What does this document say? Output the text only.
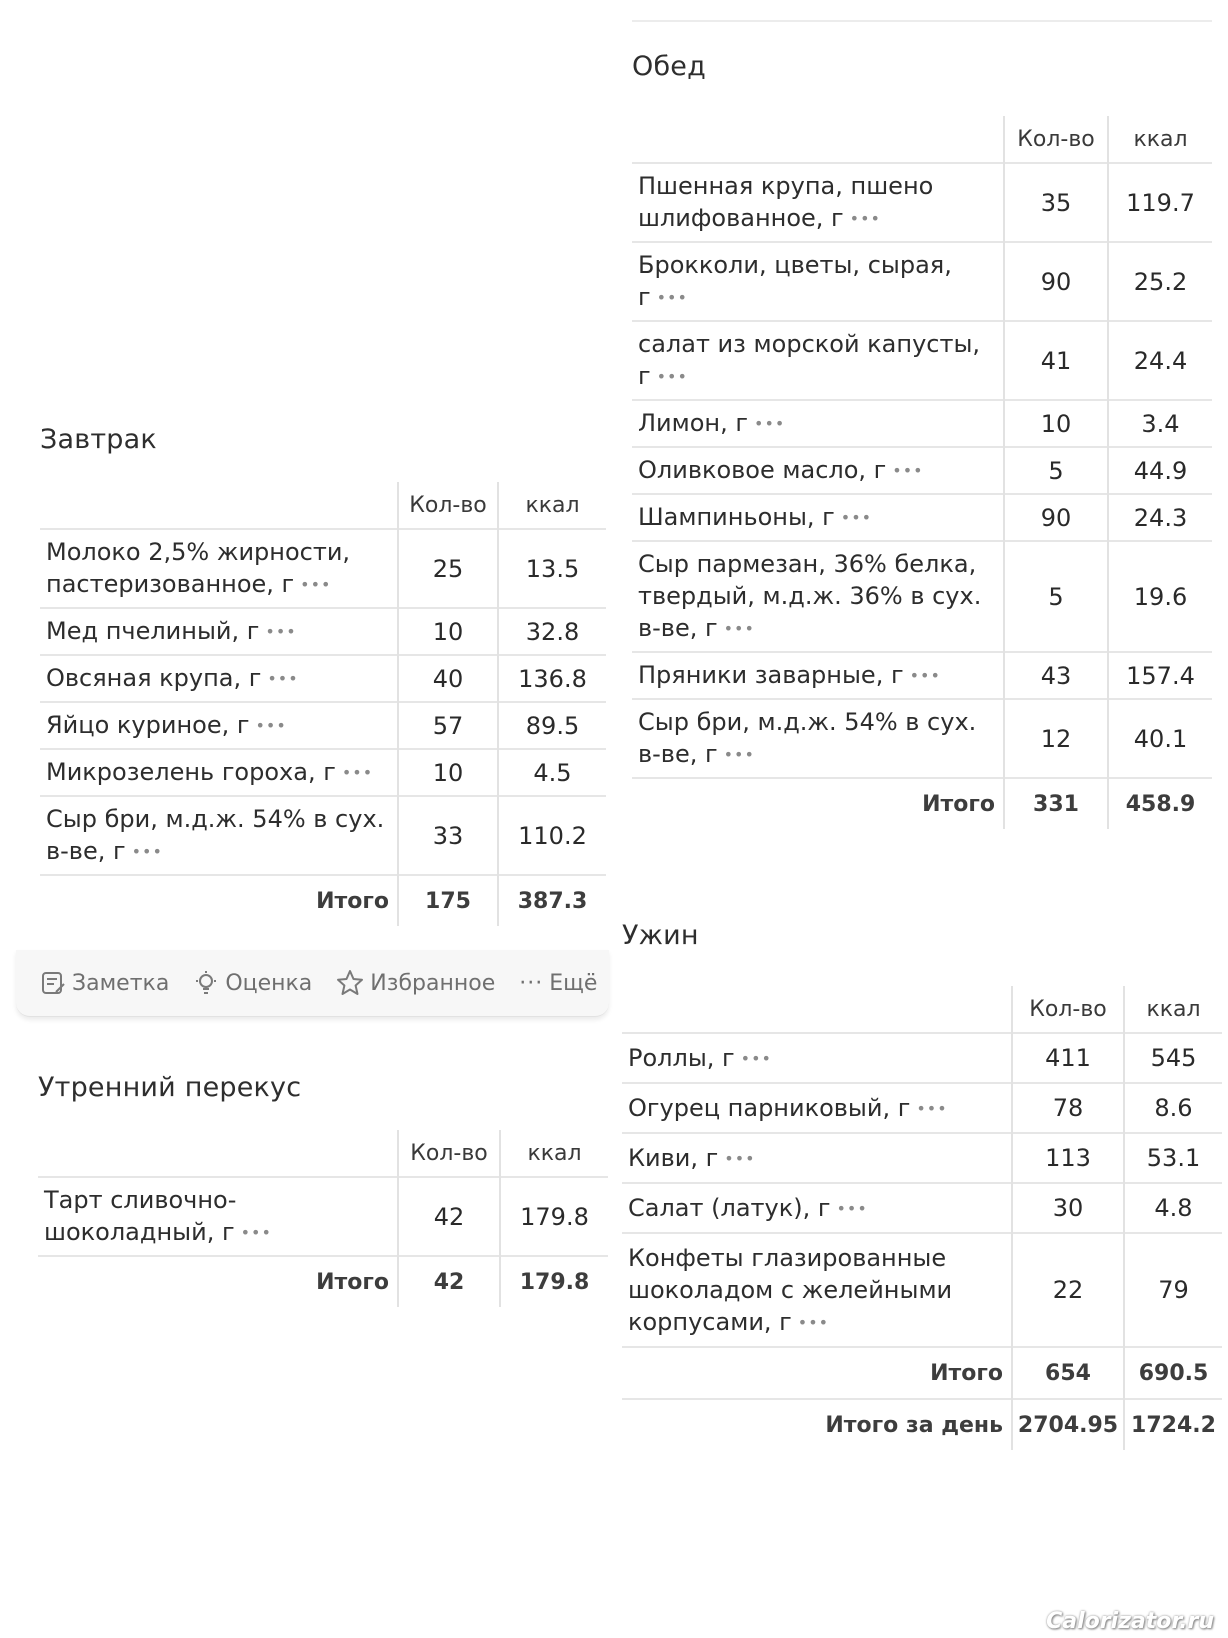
Завтрак
	Кол-во	ккал
Молоко 2,5% жирности, пастеризованное, г •••	25	13.5
Мед пчелиный, г •••	10	32.8
Овсяная крупа, г •••	40	136.8
Яйцо куриное, г •••	57	89.5
Микрозелень гороха, г •••	10	4.5
Сыр бри, м.д.ж. 54% в сух. в-ве, г •••	33	110.2
Итого	175	387.3
Заметка	Оценка	Избранное ··· Ещё
Утренний перекус
	Кол-во	ккал
Тарт сливочно-шоколадный, г •••	42	179.8
Итого	42	179.8
Обед
	Кол-во	ккал
Пшенная крупа, пшено шлифованное, г •••	35	119.7
Брокколи, цветы, сырая, г •••	90	25.2
салат из морской капусты, г •••	41	24.4
Лимон, г •••	10	3.4
Оливковое масло, г •••	5	44.9
Шампиньоны, г •••	90	24.3
Сыр пармезан, 36% белка, твердый, м.д.ж. 36% в сух. в-ве, г •••	5	19.6
Пряники заварные, г •••	43	157.4
Сыр бри, м.д.ж. 54% в сух. в-ве, г •••	12	40.1
Итого	331	458.9
Ужин
	Кол-во	ккал
Роллы, г •••	411	545
Огурец парниковый, г •••	78	8.6
Киви, г •••	113	53.1
Салат (латук), г •••	30	4.8
Конфеты глазированные шоколадом с желейными корпусами, г •••	22	79
Итого	654	690.5
Итого за день	2704.95	1724.2
Calorizator.ru
